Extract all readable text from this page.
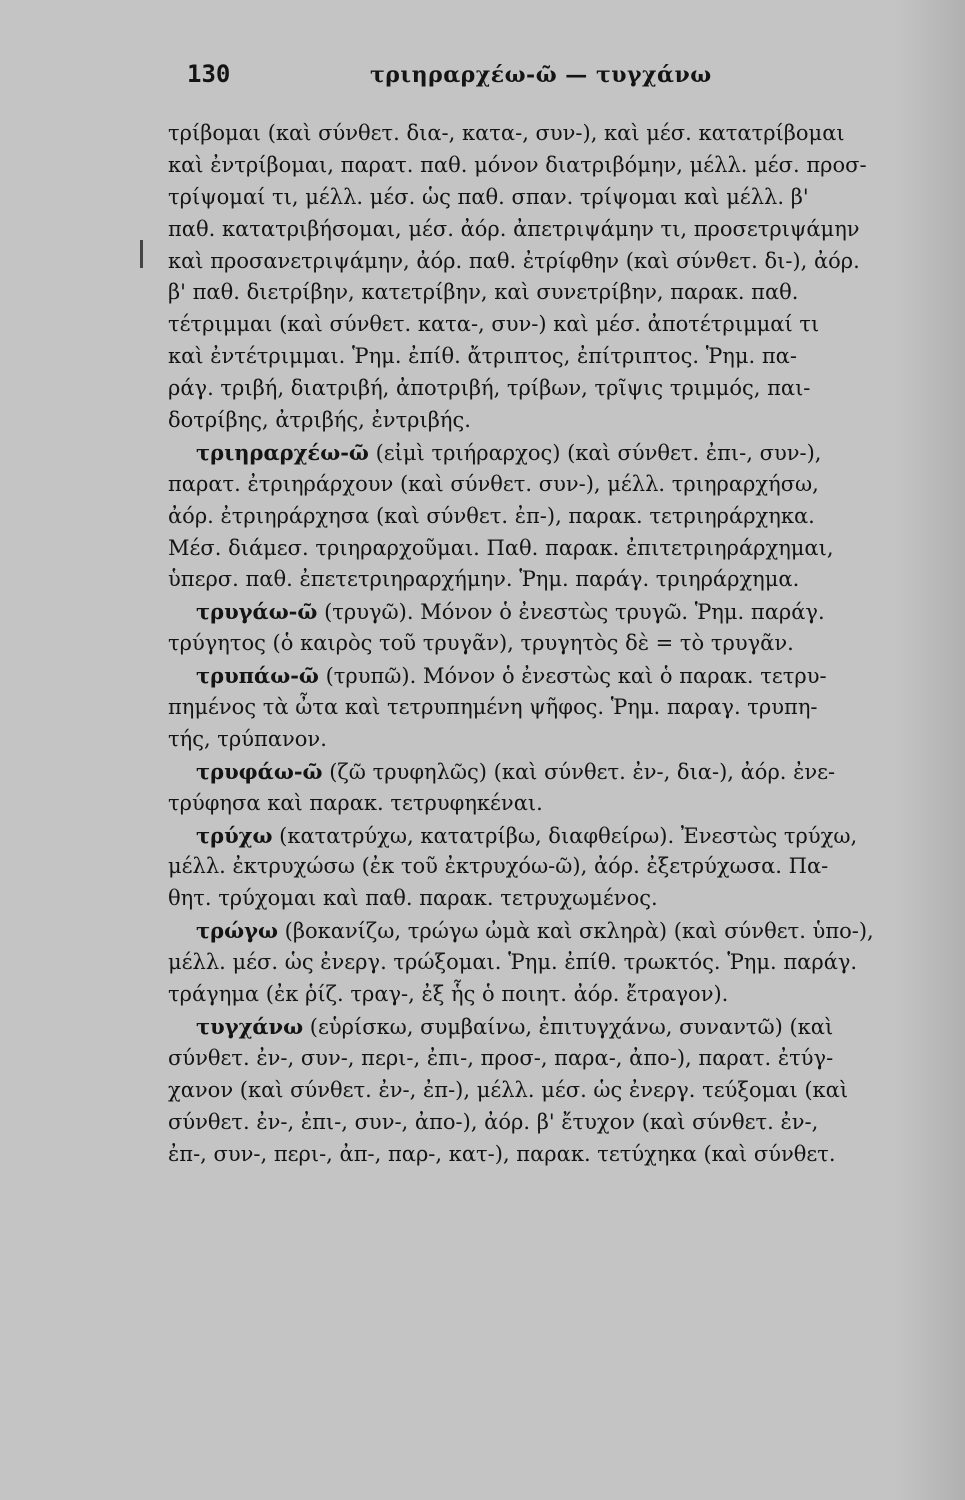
130	τριηραρχέω-ῶ — τυγχάνω
τρίβομαι (καὶ σύνθετ. δια-, κατα-, συν-), καὶ μέσ. κατατρίβομαι
καὶ ἐντρίβομαι, παρατ. παθ. μόνον διατριβόμην, μέλλ. μέσ. προσ-
τρίψομαί τι, μέλλ. μέσ. ὡς παθ. σπαν. τρίψομαι καὶ μέλλ. β'
παθ. κατατριβήσομαι, μέσ. ἀόρ. ἀπετριψάμην τι, προσετριψάμην
καὶ προσανετριψάμην, ἀόρ. παθ. ἐτρίφθην (καὶ σύνθετ. δι-), ἀόρ.
β' παθ. διετρίβην, κατετρίβην, καὶ συνετρίβην, παρακ. παθ.
τέτριμμαι (καὶ σύνθετ. κατα-, συν-) καὶ μέσ. ἀποτέτριμμαί τι
καὶ ἐντέτριμμαι. Ῥημ. ἐπίθ. ἄτριπτος, ἐπίτριπτος. Ῥημ. πα-
ράγ. τριβή, διατριβή, ἀποτριβή, τρίβων, τρῖψις τριμμός, παι-
δοτρίβης, ἀτριβής, ἐντριβής.
τριηραρχέω-ῶ (εἰμὶ τριήραρχος) (καὶ σύνθετ. ἐπι-, συν-),
παρατ. ἐτριηράρχουν (καὶ σύνθετ. συν-), μέλλ. τριηραρχήσω,
ἀόρ. ἐτριηράρχησα (καὶ σύνθετ. ἐπ-), παρακ. τετριηράρχηκα.
Μέσ. διάμεσ. τριηραρχοῦμαι. Παθ. παρακ. ἐπιτετριηράρχημαι,
ὑπερσ. παθ. ἐπετετριηραρχήμην. Ῥημ. παράγ. τριηράρχημα.
τρυγάω-ῶ (τρυγῶ). Μόνον ὁ ἐνεστὼς τρυγῶ. Ῥημ. παράγ.
τρύγητος (ὁ καιρὸς τοῦ τρυγᾶν), τρυγητὸς δὲ = τὸ τρυγᾶν.
τρυπάω-ῶ (τρυπῶ). Μόνον ὁ ἐνεστὼς καὶ ὁ παρακ. τετρυ-
πημένος τὰ ὦτα καὶ τετρυπημένη ψῆφος. Ῥημ. παραγ. τρυπη-
τής, τρύπανον.
τρυφάω-ῶ (ζῶ τρυφηλῶς) (καὶ σύνθετ. ἐν-, δια-), ἀόρ. ἐνε-
τρύφησα καὶ παρακ. τετρυφηκέναι.
τρύχω (κατατρύχω, κατατρίβω, διαφθείρω). Ἐνεστὼς τρύχω,
μέλλ. ἐκτρυχώσω (ἐκ τοῦ ἐκτρυχόω-ῶ), ἀόρ. ἐξετρύχωσα. Πα-
θητ. τρύχομαι καὶ παθ. παρακ. τετρυχωμένος.
τρώγω (βοκανίζω, τρώγω ὠμὰ καὶ σκληρὰ) (καὶ σύνθετ. ὑπο-),
μέλλ. μέσ. ὡς ἐνεργ. τρώξομαι. Ῥημ. ἐπίθ. τρωκτός. Ῥημ. παράγ.
τράγημα (ἐκ ῥίζ. τραγ-, ἐξ ἧς ὁ ποιητ. ἀόρ. ἔτραγον).
τυγχάνω (εὑρίσκω, συμβαίνω, ἐπιτυγχάνω, συναντῶ) (καὶ
σύνθετ. ἐν-, συν-, περι-, ἐπι-, προσ-, παρα-, ἀπο-), παρατ. ἐτύγ-
χανον (καὶ σύνθετ. ἐν-, ἐπ-), μέλλ. μέσ. ὡς ἐνεργ. τεύξομαι (καὶ
σύνθετ. ἐν-, ἐπι-, συν-, ἀπο-), ἀόρ. β' ἔτυχον (καὶ σύνθετ. ἐν-,
ἐπ-, συν-, περι-, ἀπ-, παρ-, κατ-), παρακ. τετύχηκα (καὶ σύνθετ.
